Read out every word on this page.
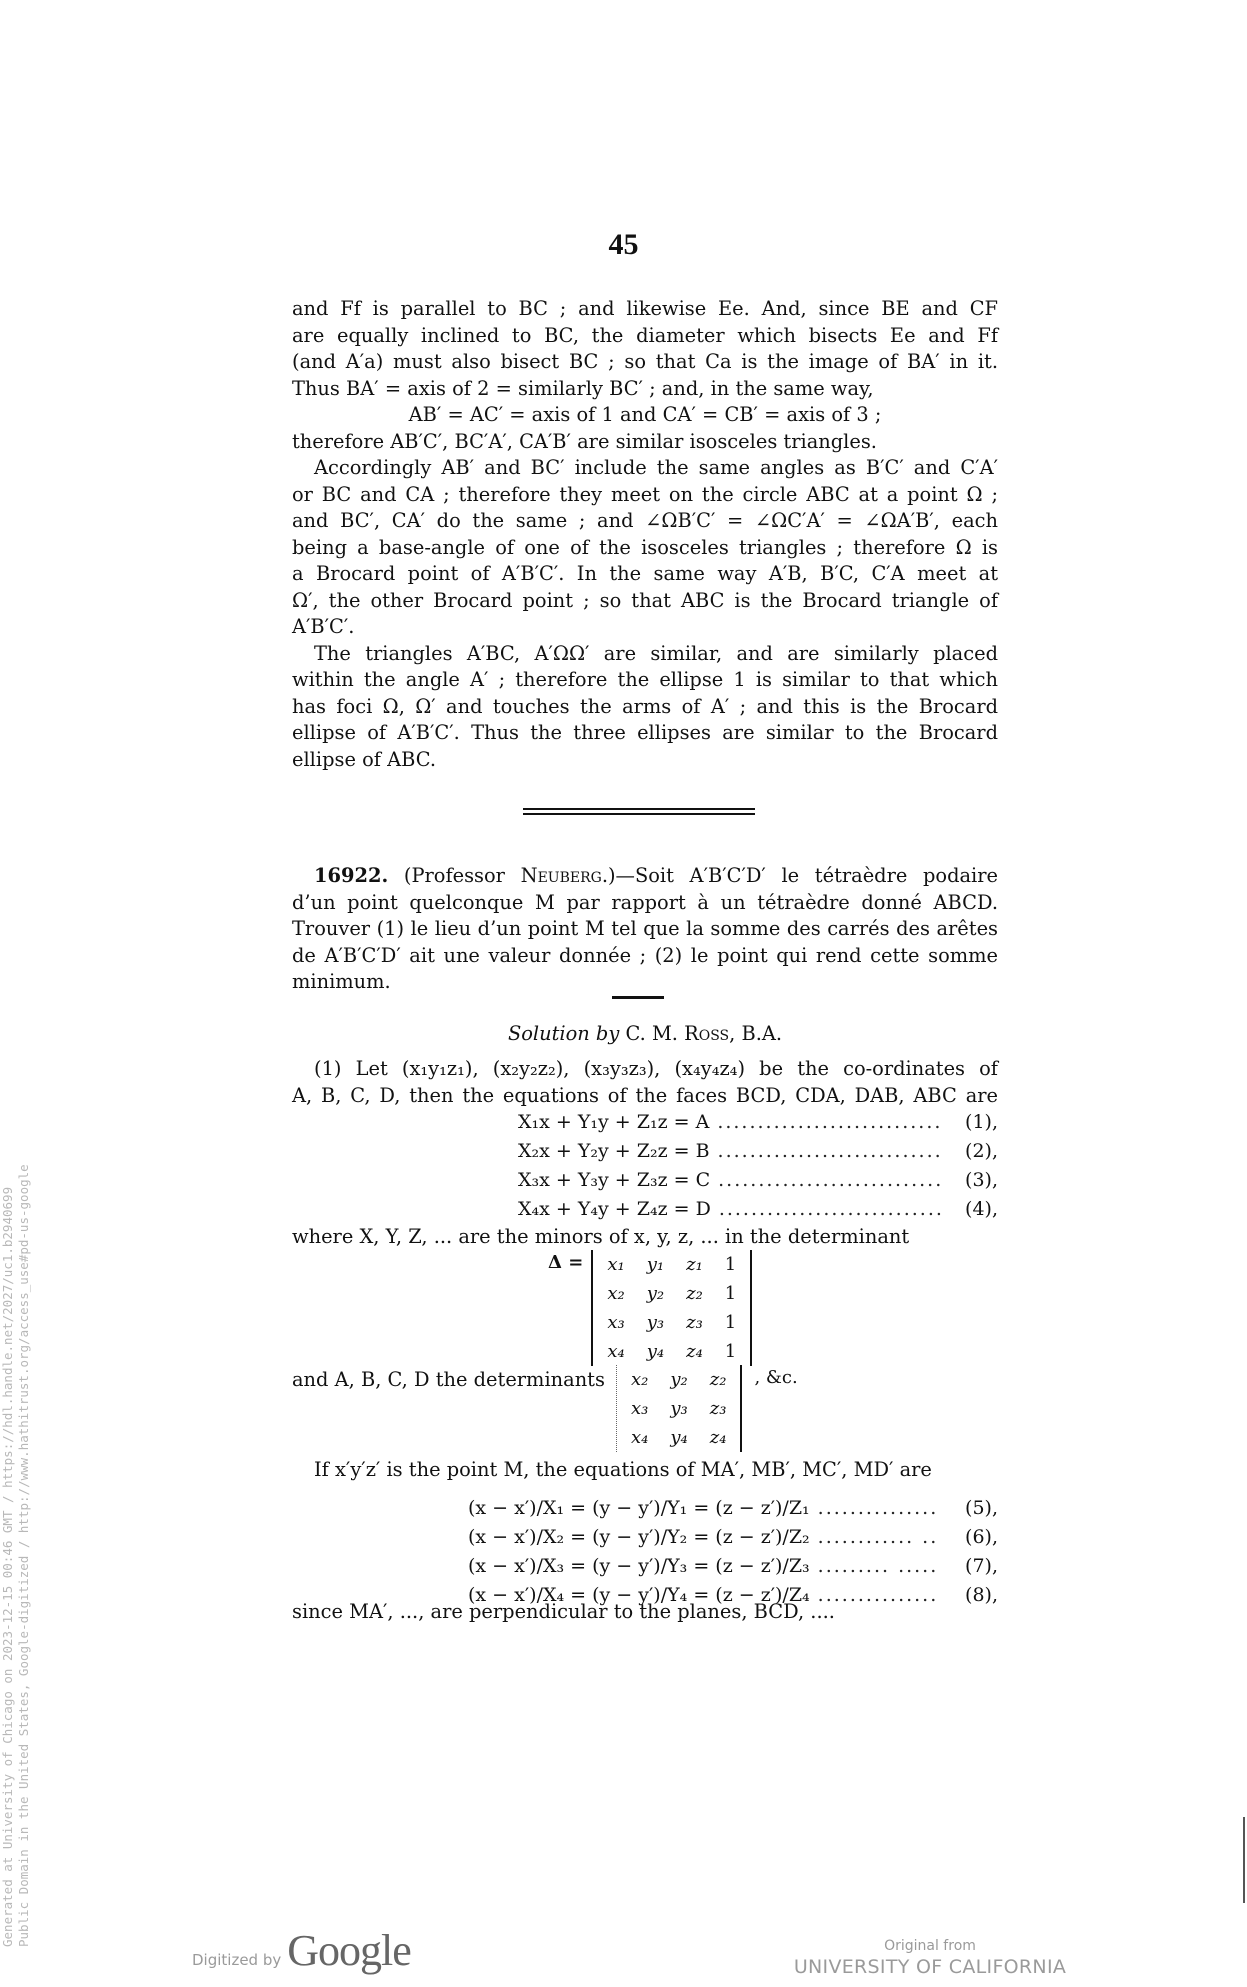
45
and Ff is parallel to BC ; and likewise Ee. And, since BE and CF
are equally inclined to BC, the diameter which bisects Ee and Ff
(and A′a) must also bisect BC ; so that Ca is the image of BA′ in it.
Thus BA′ = axis of 2 = similarly BC′ ; and, in the same way,
AB′ = AC′ = axis of 1 and CA′ = CB′ = axis of 3 ;
therefore AB′C′, BC′A′, CA′B′ are similar isosceles triangles.
Accordingly AB′ and BC′ include the same angles as B′C′ and C′A′
or BC and CA ; therefore they meet on the circle ABC at a point Ω ;
and BC′, CA′ do the same ; and ∠ΩB′C′ = ∠ΩC′A′ = ∠ΩA′B′, each
being a base-angle of one of the isosceles triangles ; therefore Ω is
a Brocard point of A′B′C′. In the same way A′B, B′C, C′A meet at
Ω′, the other Brocard point ; so that ABC is the Brocard triangle of
A′B′C′.
The triangles A′BC, A′ΩΩ′ are similar, and are similarly placed
within the angle A′ ; therefore the ellipse 1 is similar to that which
has foci Ω, Ω′ and touches the arms of A′ ; and this is the Brocard
ellipse of A′B′C′. Thus the three ellipses are similar to the Brocard
ellipse of ABC.
16922. (Professor Neuberg.)—Soit A′B′C′D′ le tétraèdre podaire
d’un point quelconque M par rapport à un tétraèdre donné ABCD.
Trouver (1) le lieu d’un point M tel que la somme des carrés des arêtes
de A′B′C′D′ ait une valeur donnée ; (2) le point qui rend cette somme
minimum.
Solution by C. M. Ross, B.A.
(1) Let (x₁y₁z₁), (x₂y₂z₂), (x₃y₃z₃), (x₄y₄z₄) be the co-ordinates of
A, B, C, D, then the equations of the faces BCD, CDA, DAB, ABC are
X₁x + Y₁y + Z₁z = A ............................	(1),
X₂x + Y₂y + Z₂z = B ............................	(2),
X₃x + Y₃y + Z₃z = C ............................	(3),
X₄x + Y₄y + Z₄z = D ............................	(4),
where X, Y, Z, ... are the minors of x, y, z, ... in the determinant
Δ = x₁ y₁ z₁ 1
x₂ y₂ z₂ 1
x₃ y₃ z₃ 1
x₄ y₄ z₄ 1
and A, B, C, D the determinants x₂ y₂ z₂
x₃ y₃ z₃
x₄ y₄ z₄
, &c.
If x′y′z′ is the point M, the equations of MA′, MB′, MC′, MD′ are
(x − x′)/X₁ = (y − y′)/Y₁ = (z − z′)/Z₁ ...............	(5),
(x − x′)/X₂ = (y − y′)/Y₂ = (z − z′)/Z₂ ............ ..	(6),
(x − x′)/X₃ = (y − y′)/Y₃ = (z − z′)/Z₃ ......... .....	(7),
(x − x′)/X₄ = (y − y′)/Y₄ = (z − z′)/Z₄ ...............	(8),
since MA′, ..., are perpendicular to the planes, BCD, ....
Generated at University of Chicago on 2023-12-15 00:46 GMT / https://hdl.handle.net/2027/uc1.b2940699 Public Domain in the United States, Google-digitized / http://www.hathitrust.org/access_use#pd-us-google
Digitized by Google	Original from
UNIVERSITY OF CALIFORNIA
